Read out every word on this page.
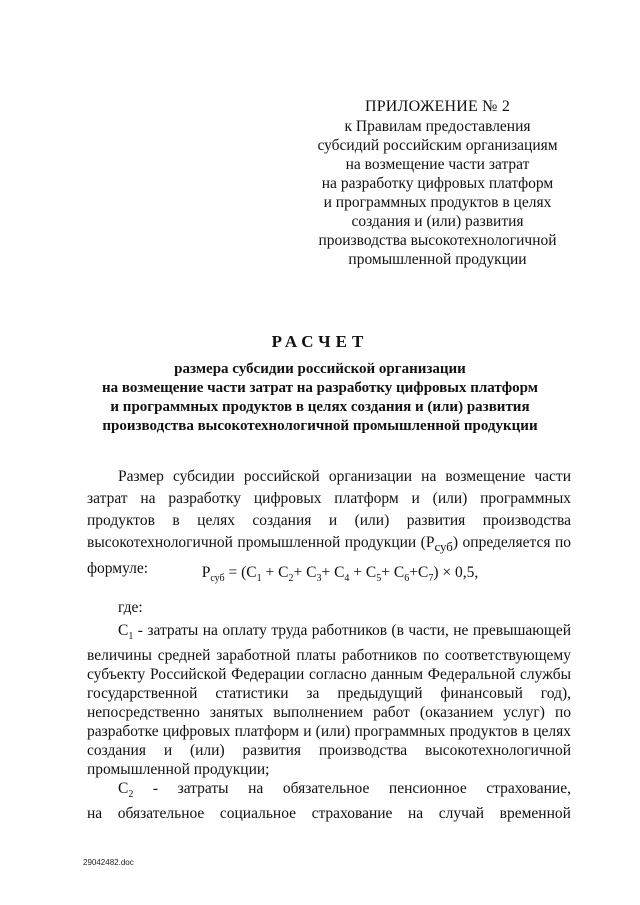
ПРИЛОЖЕНИЕ № 2
к Правилам предоставления
субсидий российским организациям
на возмещение части затрат
на разработку цифровых платформ
и программных продуктов в целях
создания и (или) развития
производства высокотехнологичной
промышленной продукции
РАСЧЕТ
размера субсидии российской организации
на возмещение части затрат на разработку цифровых платформ
и программных продуктов в целях создания и (или) развития
производства высокотехнологичной промышленной продукции
Размер субсидии российской организации на возмещение части затрат на разработку цифровых платформ и (или) программных продуктов в целях создания и (или) развития производства высокотехнологичной промышленной продукции $(Р_{суб})$ определяется по формуле:	$Р_{суб} = (С_1 + С_2+ С_3+ С_4 + С_5+ С_6+С_7) \times 0,5$,
где:

$С_1$ - затраты на оплату труда работников (в части, не превышающей величины средней заработной платы работников по соответствующему субъекту Российской Федерации согласно данным Федеральной службы государственной статистики за предыдущий финансовый год), непосредственно занятых выполнением работ (оказанием услуг) по разработке цифровых платформ и (или) программных продуктов в целях создания и (или) развития производства высокотехнологичной промышленной продукции;

$С_2$ - затраты на обязательное пенсионное страхование,
на обязательное социальное страхование на случай временной
29042482.doc
